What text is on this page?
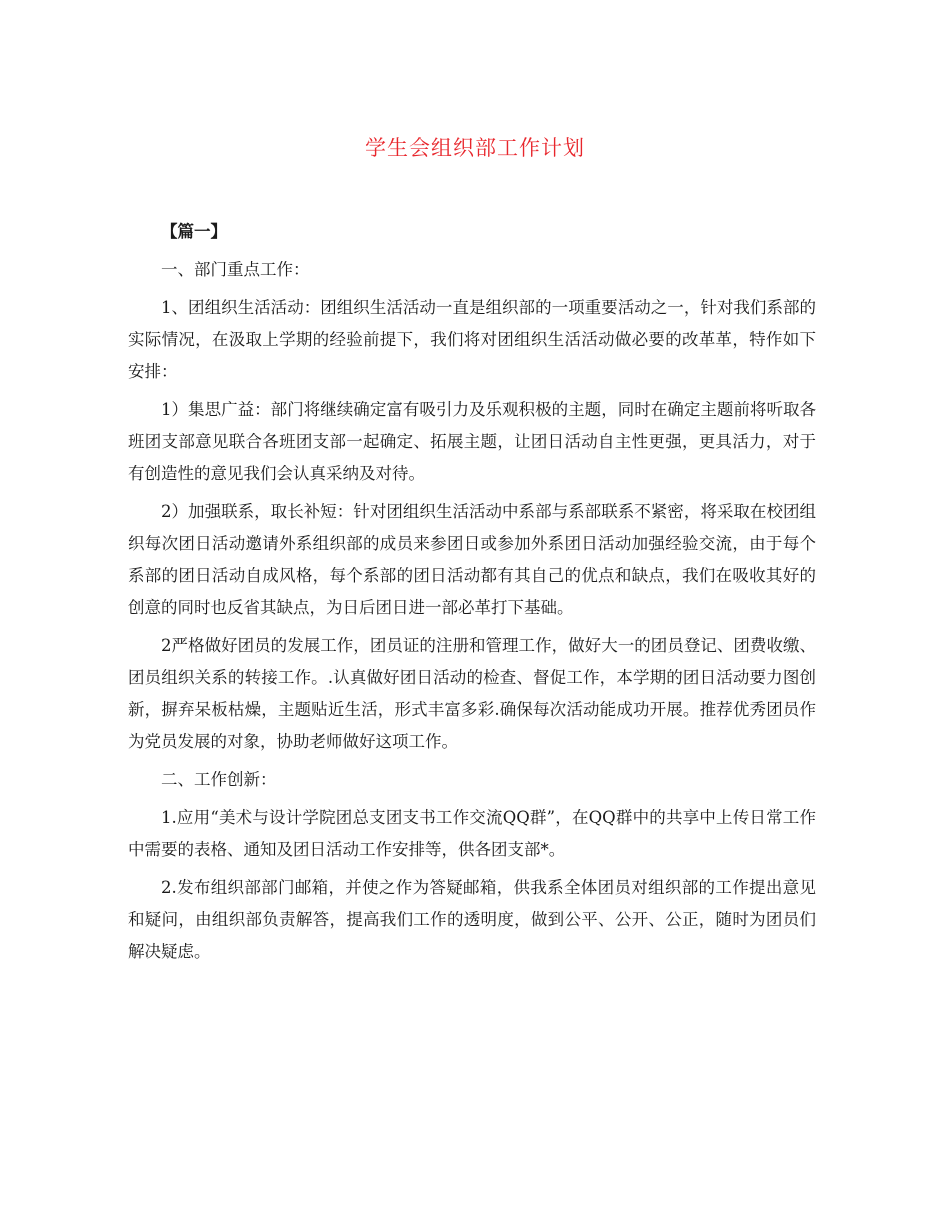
学生会组织部工作计划

【篇一】

一、部门重点工作：

1、团组织生活活动：团组织生活活动一直是组织部的一项重要活动之一，针对我们系部的实际情况，在汲取上学期的经验前提下，我们将对团组织生活活动做必要的改革革，特作如下安排：

1）集思广益：部门将继续确定富有吸引力及乐观积极的主题，同时在确定主题前将听取各班团支部意见联合各班团支部一起确定、拓展主题，让团日活动自主性更强，更具活力，对于有创造性的意见我们会认真采纳及对待。

2）加强联系，取长补短：针对团组织生活活动中系部与系部联系不紧密，将采取在校团组织每次团日活动邀请外系组织部的成员来参团日或参加外系团日活动加强经验交流，由于每个系部的团日活动自成风格，每个系部的团日活动都有其自己的优点和缺点，我们在吸收其好的创意的同时也反省其缺点，为日后团日进一部必革打下基础。

2严格做好团员的发展工作，团员证的注册和管理工作，做好大一的团员登记、团费收缴、团员组织关系的转接工作。.认真做好团日活动的检查、督促工作，本学期的团日活动要力图创新，摒弃呆板枯燥，主题贴近生活，形式丰富多彩.确保每次活动能成功开展。推荐优秀团员作为党员发展的对象，协助老师做好这项工作。

二、工作创新：

1.应用“美术与设计学院团总支团支书工作交流QQ群”，在QQ群中的共享中上传日常工作中需要的表格、通知及团日活动工作安排等，供各团支部*。

2.发布组织部部门邮箱，并使之作为答疑邮箱，供我系全体团员对组织部的工作提出意见和疑问，由组织部负责解答，提高我们工作的透明度，做到公平、公开、公正，随时为团员们解决疑虑。
